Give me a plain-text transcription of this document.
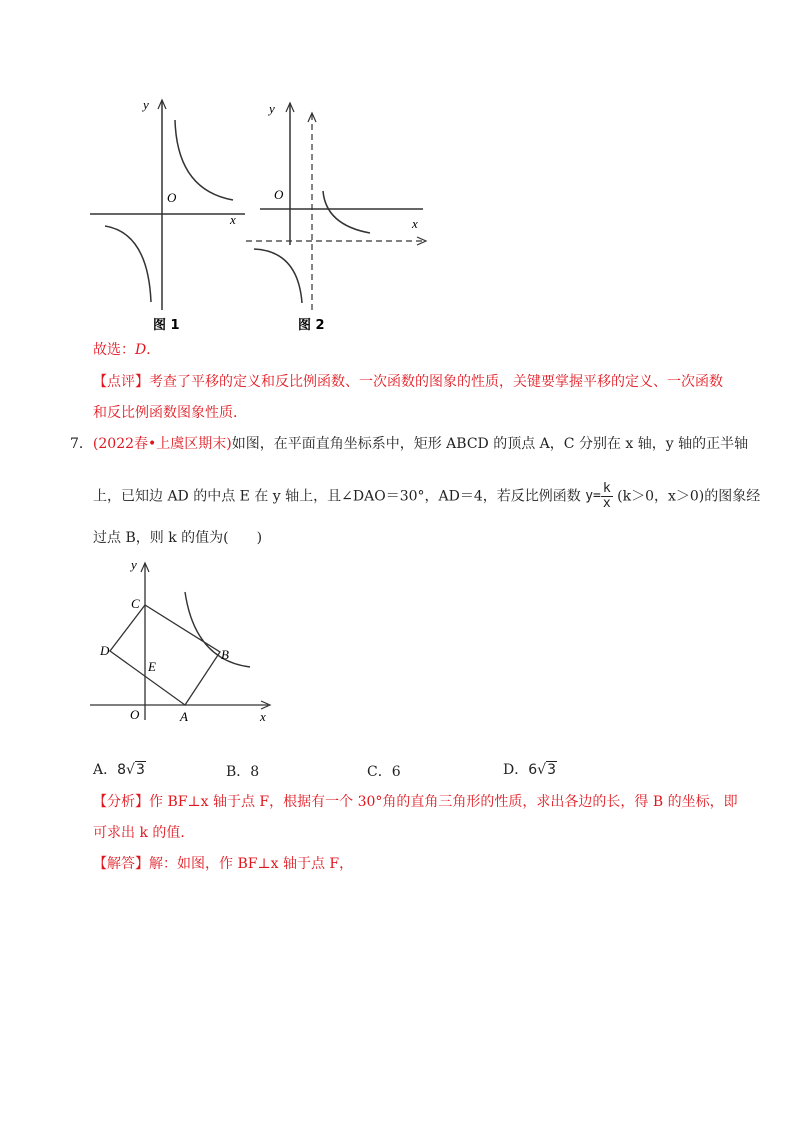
y
x
O
图 1
y
x
O
图 2
故选：D．
【点评】考查了平移的定义和反比例函数、一次函数的图象的性质，关键要掌握平移的定义、一次函数
和反比例函数图象性质．
7．(2022春•上虞区期末)如图，在平面直角坐标系中，矩形 ABCD 的顶点 A，C 分别在 x 轴，y 轴的正半轴
上，已知边 AD 的中点 E 在 y 轴上，且∠DAO＝30°，AD＝4，若反比例函数 $y= \frac{k}{x} (k>0$，x＞0)的图象经
过点 B，则 k 的值为(　　)
y
x
O	A
B
C
D
E
A．8√3	B．8	C．6	D．6√3
【分析】作 BF⊥x 轴于点 F，根据有一个 30°角的直角三角形的性质，求出各边的长，得 B 的坐标，即
可求出 k 的值．
【解答】解：如图，作 BF⊥x 轴于点 F，
